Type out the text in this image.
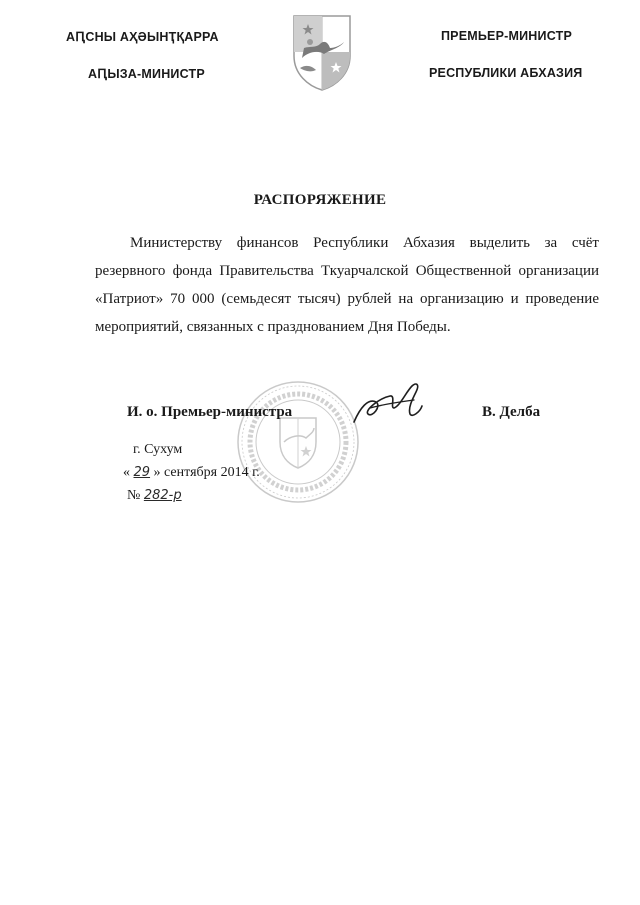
АԤСНЫ АҲӘЫНҬҚАРРА
АԤЫЗА-МИНИСТР
ПРЕМЬЕР-МИНИСТР
РЕСПУБЛИКИ АБХАЗИЯ
РАСПОРЯЖЕНИЕ

Министерству финансов Республики Абхазия выделить за счёт резервного фонда Правительства Ткуарчалской Общественной организации «Патриот» 70 000 (семьдесят тысяч) рублей на организацию и проведение мероприятий, связанных с празднованием Дня Победы.

И. о. Премьер-министра	В. Делба
г. Сухум
« 29 » сентября 2014 г.
№ 282-р
